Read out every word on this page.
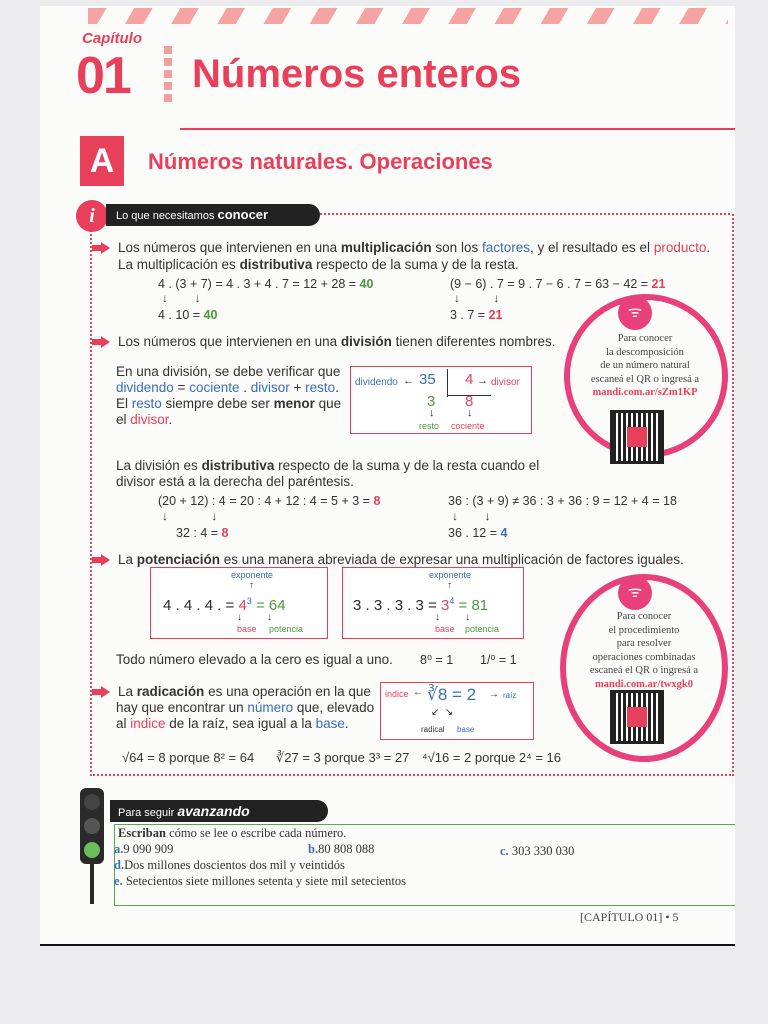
Capítulo
01 Números enteros
A	Números naturales. Operaciones
i	Lo que necesitamos conocer
Los números que intervienen en una multiplicación son los factores, y el resultado es el producto.
La multiplicación es distributiva respecto de la suma y de la resta.
4 . (3 + 7) = 4 . 3 + 4 . 7 = 12 + 28 = 40
↓        ↓
4 . 10 = 40
(9 − 6) . 7 = 9 . 7 − 6 . 7 = 63 − 42 = 21
↓          ↓
3 . 7 = 21
Los números que intervienen en una división tienen diferentes nombres.
En una división, se debe verificar que
dividendo = cociente . divisor + resto.
El resto siempre debe ser menor que
el divisor.
dividendo ← 35 4 → divisor
3 8
↓	↓
resto cociente
La división es distributiva respecto de la suma y de la resta cuando el
divisor está a la derecha del paréntesis.
(20 + 12) : 4 = 20 : 4 + 12 : 4 = 5 + 3 = 8
↓             ↓
32 : 4 = 8
36 : (3 + 9) ≠ 36 : 3 + 36 : 9 = 12 + 4 = 18
↓        ↓
36 . 12 = 4
La potenciación es una manera abreviada de expresar una multiplicación de factores iguales.
exponente
↑
4 . 4 . 4 . = $4^3 = 64$
↓         ↓
base potencia
exponente
↑
3 . 3 . 3 . $3 = 3^4 = 81$
↓         ↓
base potencia
Todo número elevado a la cero es igual a uno. 8⁰ = 1 1/⁰ = 1
La radicación es una operación en la que
hay que encontrar un número que, elevado
al indice de la raíz, sea igual a la base.
indice ← ∛8 = 2 → raíz
↙  ↘
radical base
√64 = 8 porque 8² = 64 ∛27 = 3 porque 3³ = 27 ⁴√16 = 2 porque 2⁴ = 16
ᯤ
Para conocer
la descomposición
de un número natural
escaneá el QR o ingresá a
mandi.com.ar/sZm1KP
ᯤ
Para conocer
el procedimiento
para resolver
operaciones combinadas
escaneá el QR o ingresá a
mandi.com.ar/twxgk0
Para seguir avanzando
Escriban cómo se lee o escribe cada número.
a.9 090 909	b.80 808 088	c. 303 330 030
d.Dos millones doscientos dos mil y veintidós
e. Setecientos siete millones setenta y siete mil setecientos
[CAPÍTULO 01] • 5
